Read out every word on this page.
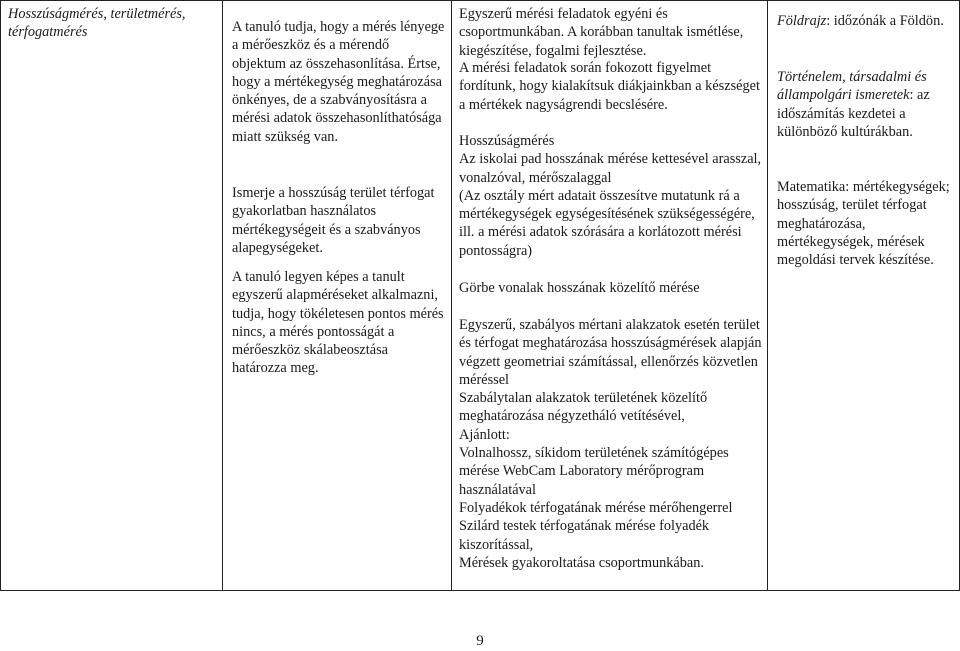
Hosszúságmérés, területmérés, térfogatmérés	A tanuló tudja, hogy a mérés lényege a mérőeszköz és a mérendő objektum az összehasonlítása. Értse, hogy a mértékegység meghatározása önkényes, de a szabványosításra a mérési adatok összehasonlíthatósága miatt szükség van.

Ismerje a hosszúság terület térfogat gyakorlatban használatos mértékegységeit és a szabványos alapegységeket.

A tanuló legyen képes a tanult egyszerű alapméréseket alkalmazni, tudja, hogy tökéletesen pontos mérés nincs, a mérés pontosságát a mérőeszköz skálabeosztása határozza meg.

Egyszerű mérési feladatok egyéni és csoportmunkában. A korábban tanultak ismétlése, kiegészítése, fogalmi fejlesztése.

A mérési feladatok során fokozott figyelmet fordítunk, hogy kialakítsuk diákjainkban a készséget a mértékek nagyságrendi becslésére.

Hosszúságmérés
Az iskolai pad hosszának mérése kettesével arasszal, vonalzóval, mérőszalaggal
(Az osztály mért adatait összesítve mutatunk rá a mértékegységek egységesítésének szükségességére, ill. a mérési adatok szórására a korlátozott mérési pontosságra)

Görbe vonalak hosszának közelítő mérése

Egyszerű, szabályos mértani alakzatok esetén terület és térfogat meghatározása hosszúságmérések alapján végzett geometriai számítással, ellenőrzés közvetlen méréssel
Szabálytalan alakzatok területének közelítő meghatározása négyzetháló vetítésével,
Ajánlott:
Volnalhossz, síkidom területének számítógépes mérése WebCam Laboratory mérőprogram használatával
Folyadékok térfogatának mérése mérőhengerrel
Szilárd testek térfogatának mérése folyadék kiszorítással,
Mérések gyakoroltatása csoportmunkában.

Földrajz: időzónák a Földön.

Történelem, társadalmi és állampolgári ismeretek: az időszámítás kezdetei a különböző kultúrákban.

Matematika: mértékegységek; hosszúság, terület térfogat meghatározása, mértékegységek, mérések megoldási tervek készítése.

9
